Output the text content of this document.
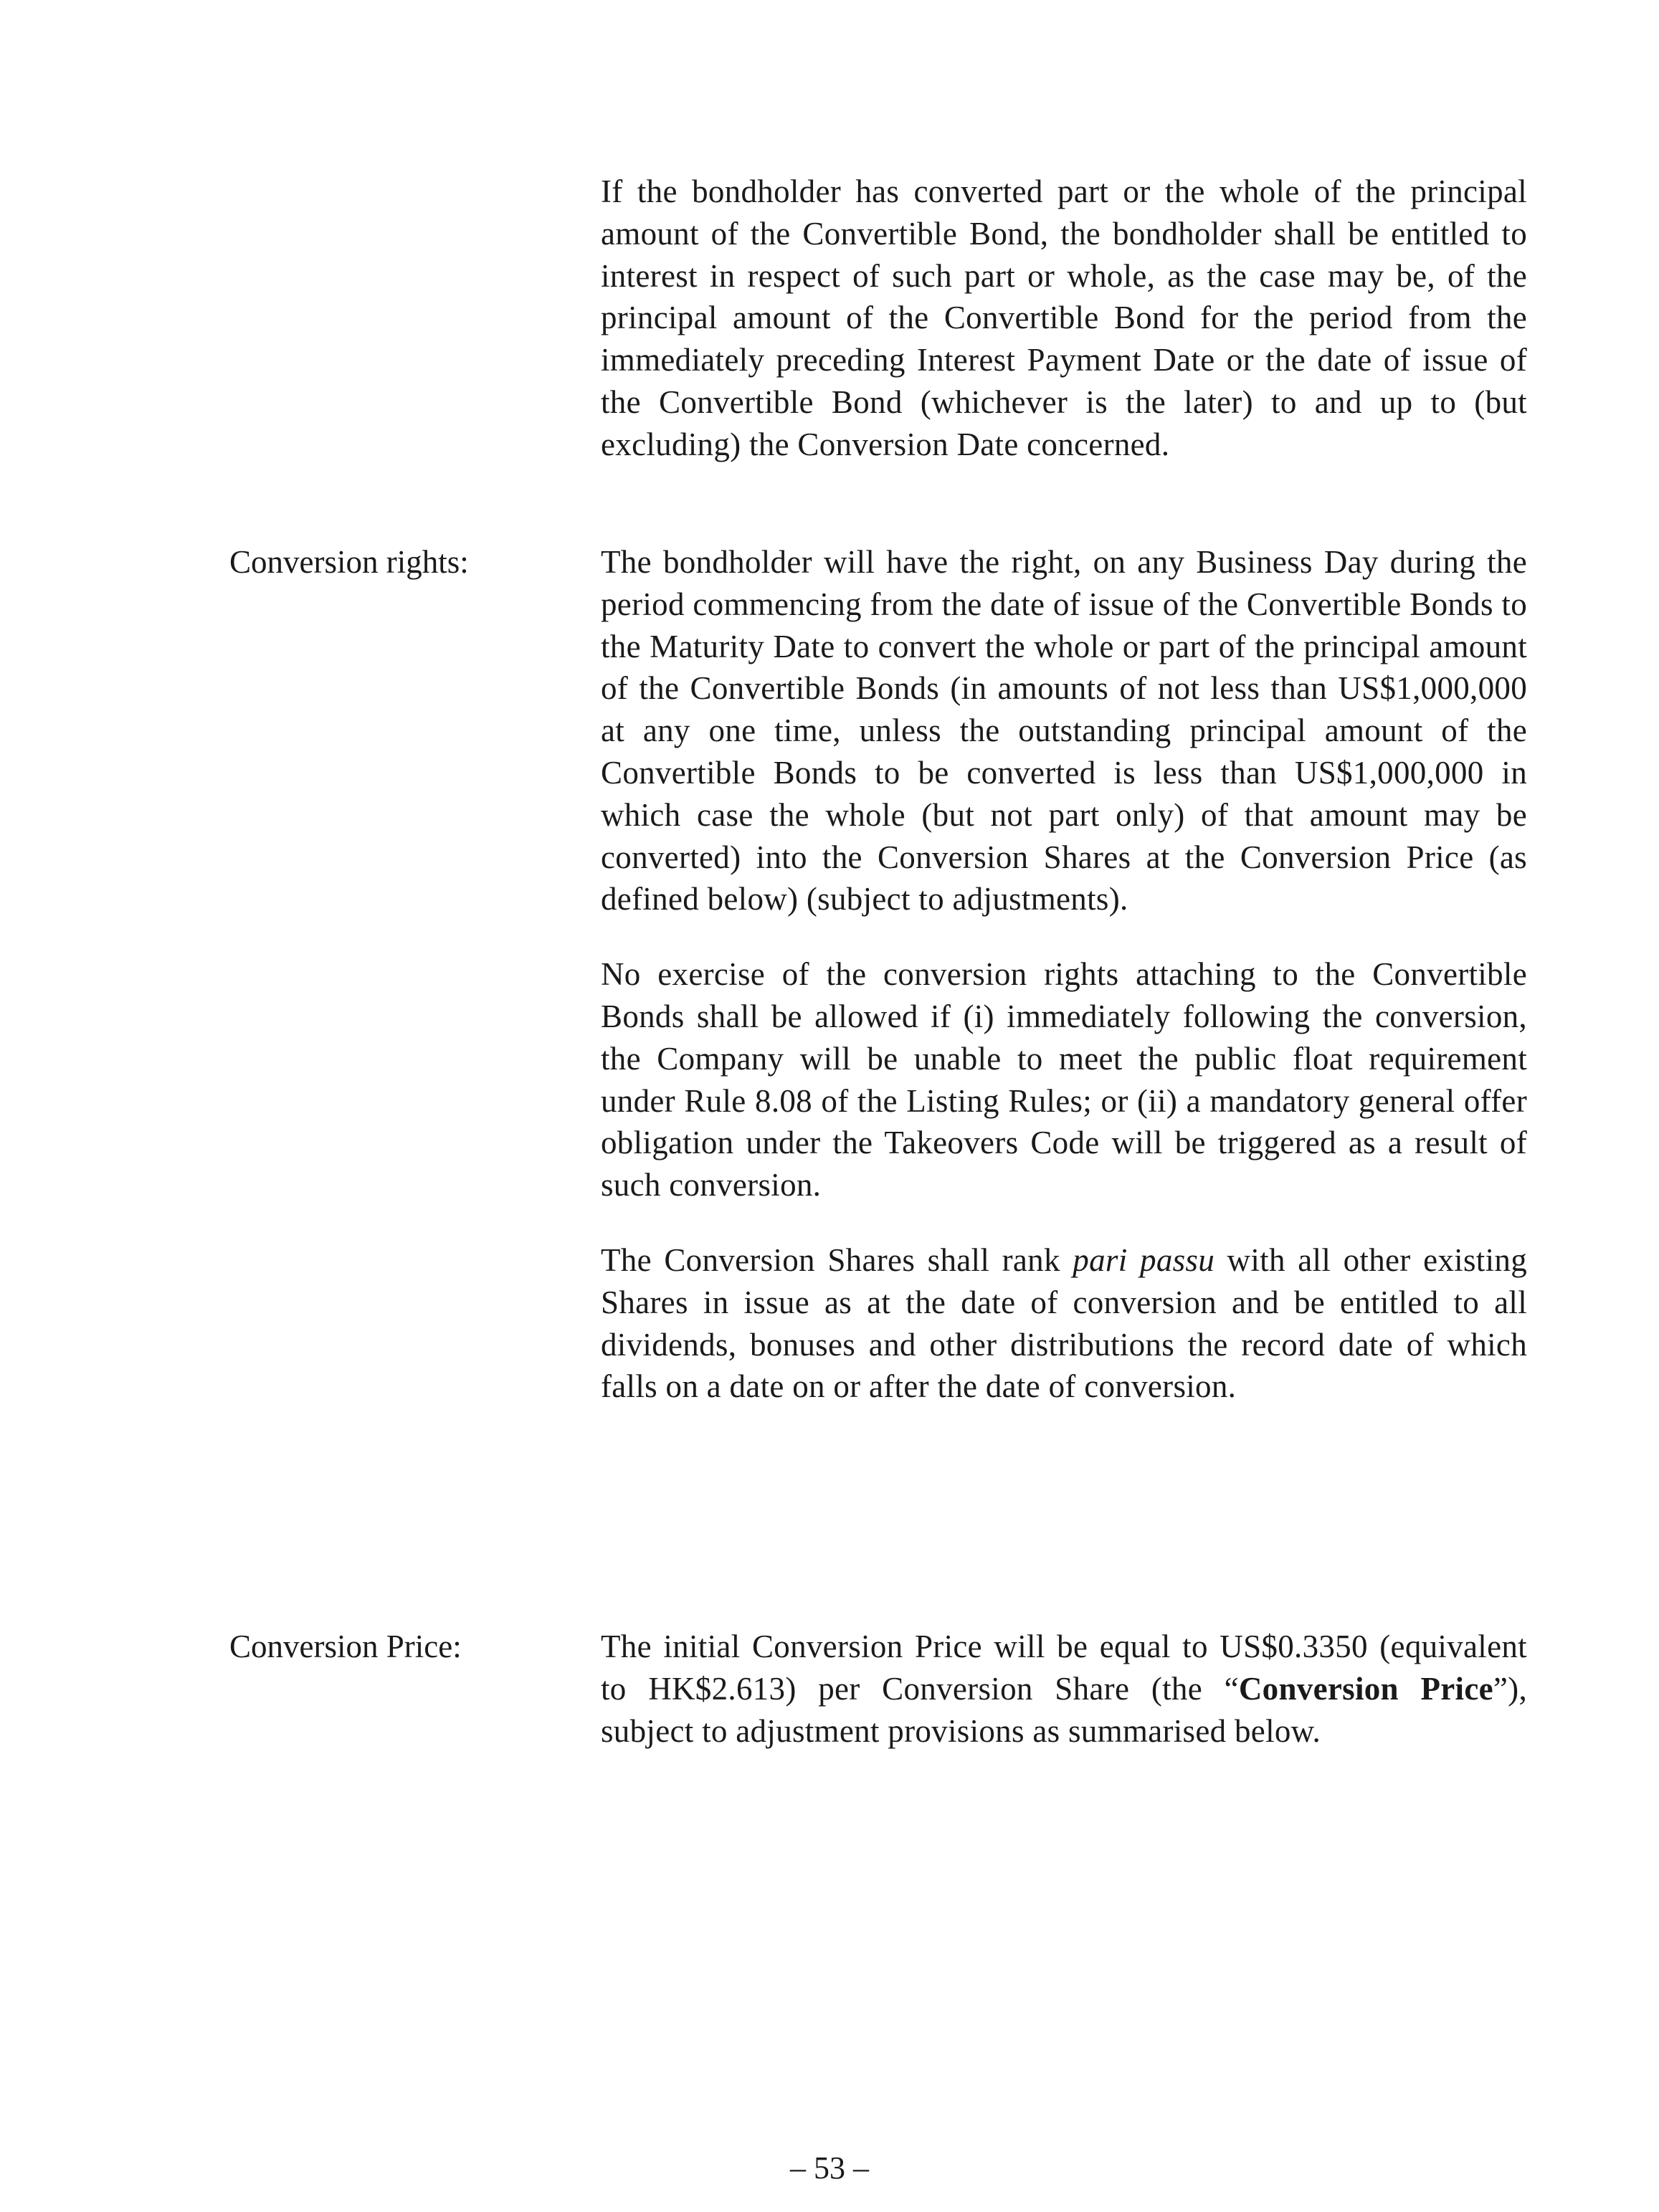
If the bondholder has converted part or the whole of the principal amount of the Convertible Bond, the bondholder shall be entitled to interest in respect of such part or whole, as the case may be, of the principal amount of the Convertible Bond for the period from the immediately preceding Interest Payment Date or the date of issue of the Convertible Bond (whichever is the later) to and up to (but excluding) the Conversion Date concerned.

Conversion rights:	The bondholder will have the right, on any Business Day during the period commencing from the date of issue of the Convertible Bonds to the Maturity Date to convert the whole or part of the principal amount of the Convertible Bonds (in amounts of not less than US$1,000,000 at any one time, unless the outstanding principal amount of the Convertible Bonds to be converted is less than US$1,000,000 in which case the whole (but not part only) of that amount may be converted) into the Conversion Shares at the Conversion Price (as defined below) (subject to adjustments).

No exercise of the conversion rights attaching to the Convertible Bonds shall be allowed if (i) immediately following the conversion, the Company will be unable to meet the public float requirement under Rule 8.08 of the Listing Rules; or (ii) a mandatory general offer obligation under the Takeovers Code will be triggered as a result of such conversion.

The Conversion Shares shall rank pari passu with all other existing Shares in issue as at the date of conversion and be entitled to all dividends, bonuses and other distributions the record date of which falls on a date on or after the date of conversion.

Conversion Price:	The initial Conversion Price will be equal to US$0.3350 (equivalent to HK$2.613) per Conversion Share (the “Conversion Price”), subject to adjustment provisions as summarised below.

– 53 –
